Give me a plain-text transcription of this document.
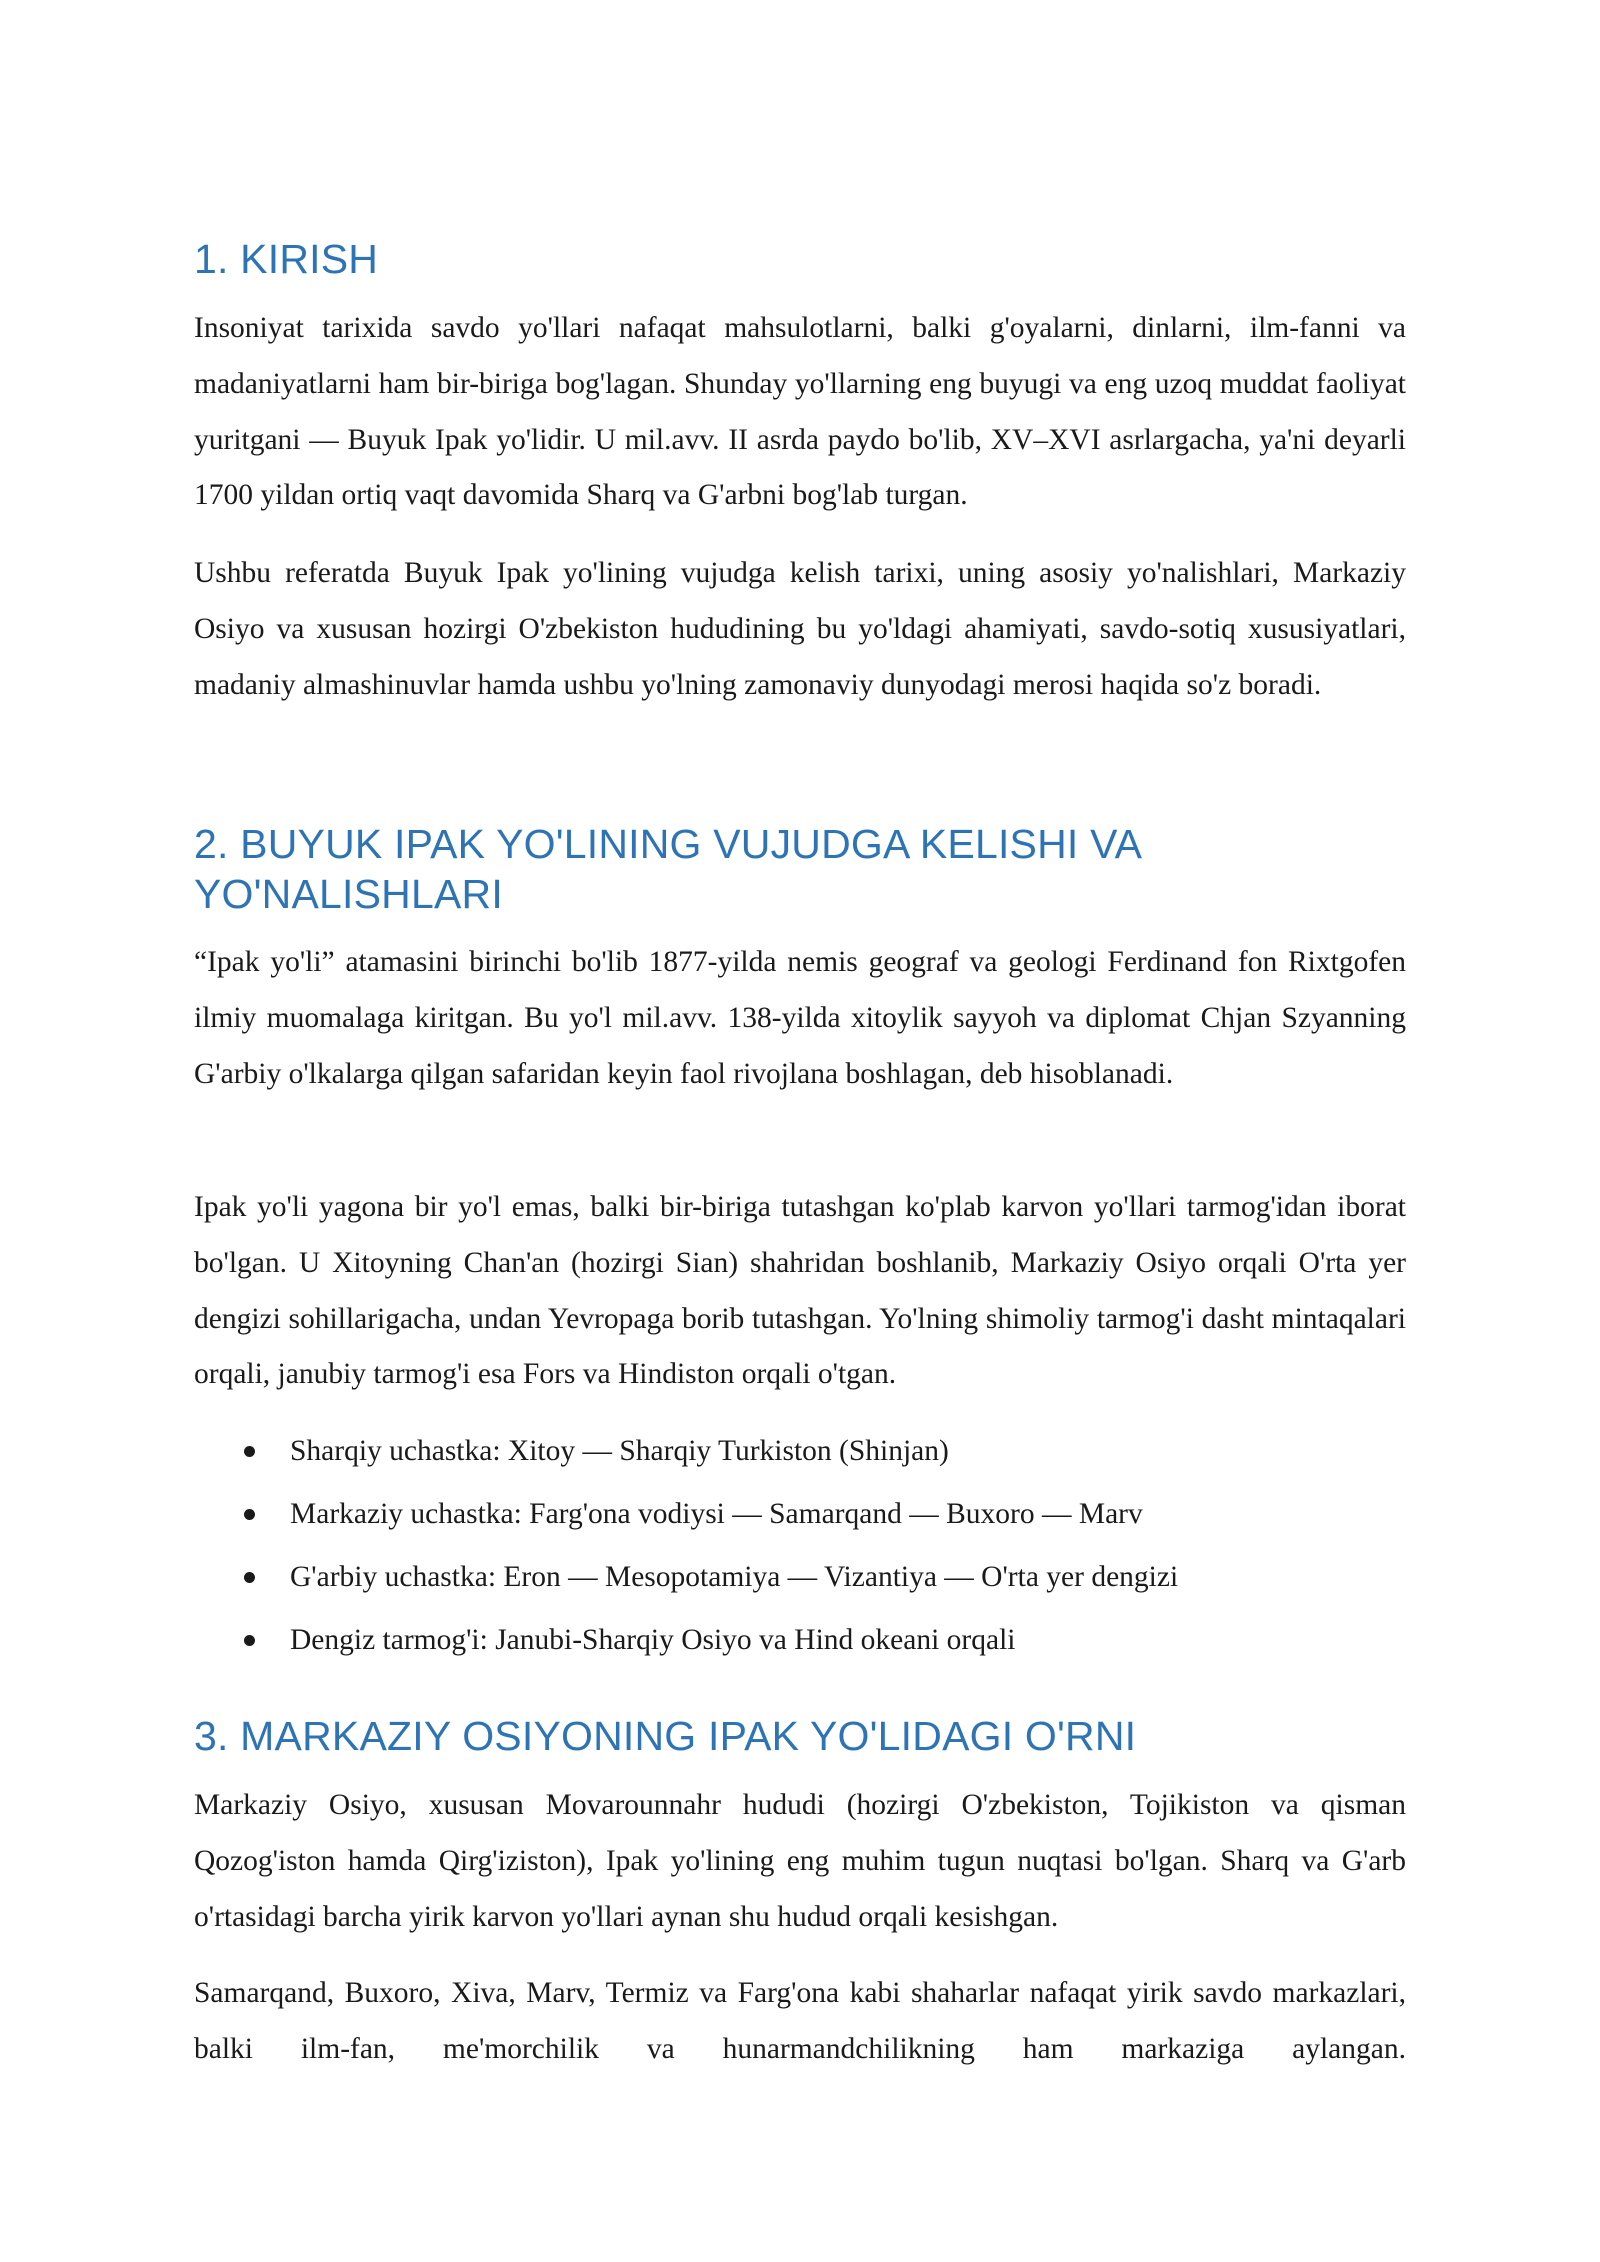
1. KIRISH

Insoniyat tarixida savdo yo'llari nafaqat mahsulotlarni, balki g'oyalarni, dinlarni, ilm-fanni va madaniyatlarni ham bir-biriga bog'lagan. Shunday yo'llarning eng buyugi va eng uzoq muddat faoliyat yuritgani — Buyuk Ipak yo'lidir. U mil.avv. II asrda paydo bo'lib, XV–XVI asrlargacha, ya'ni deyarli 1700 yildan ortiq vaqt davomida Sharq va G'arbni bog'lab turgan.

Ushbu referatda Buyuk Ipak yo'lining vujudga kelish tarixi, uning asosiy yo'nalishlari, Markaziy Osiyo va xususan hozirgi O'zbekiston hududining bu yo'ldagi ahamiyati, savdo-sotiq xususiyatlari, madaniy almashinuvlar hamda ushbu yo'lning zamonaviy dunyodagi merosi haqida so'z boradi.

2. BUYUK IPAK YO'LINING VUJUDGA KELISHI VA
YO'NALISHLARI

“Ipak yo'li” atamasini birinchi bo'lib 1877-yilda nemis geograf va geologi Ferdinand fon Rixtgofen ilmiy muomalaga kiritgan. Bu yo'l mil.avv. 138-yilda xitoylik sayyoh va diplomat Chjan Szyanning G'arbiy o'lkalarga qilgan safaridan keyin faol rivojlana boshlagan, deb hisoblanadi.

Ipak yo'li yagona bir yo'l emas, balki bir-biriga tutashgan ko'plab karvon yo'llari tarmog'idan iborat bo'lgan. U Xitoyning Chan'an (hozirgi Sian) shahridan boshlanib, Markaziy Osiyo orqali O'rta yer dengizi sohillarigacha, undan Yevropaga borib tutashgan. Yo'lning shimoliy tarmog'i dasht mintaqalari orqali, janubiy tarmog'i esa Fors va Hindiston orqali o'tgan.

Sharqiy uchastka: Xitoy — Sharqiy Turkiston (Shinjan)
Markaziy uchastka: Farg'ona vodiysi — Samarqand — Buxoro — Marv
G'arbiy uchastka: Eron — Mesopotamiya — Vizantiya — O'rta yer dengizi
Dengiz tarmog'i: Janubi-Sharqiy Osiyo va Hind okeani orqali
3. MARKAZIY OSIYONING IPAK YO'LIDAGI O'RNI

Markaziy Osiyo, xususan Movarounnahr hududi (hozirgi O'zbekiston, Tojikiston va qisman Qozog'iston hamda Qirg'iziston), Ipak yo'lining eng muhim tugun nuqtasi bo'lgan. Sharq va G'arb o'rtasidagi barcha yirik karvon yo'llari aynan shu hudud orqali kesishgan.

Samarqand, Buxoro, Xiva, Marv, Termiz va Farg'ona kabi shaharlar nafaqat yirik savdo markazlari, balki ilm-fan, me'morchilik va hunarmandchilikning ham markaziga aylangan.
